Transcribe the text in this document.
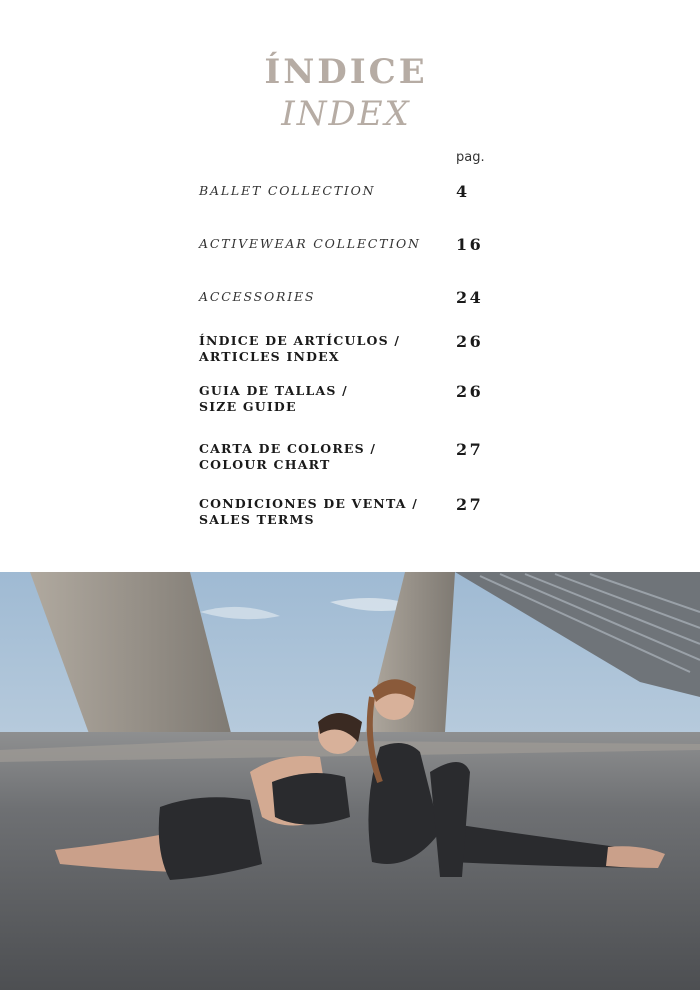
ÍNDICE
INDEX
pag.
BALLET COLLECTION	4
ACTIVEWEAR COLLECTION 16
ACCESSORIES	24
ÍNDICE DE ARTÍCULOS /
ARTICLES INDEX
26
GUIA DE TALLAS /
SIZE GUIDE
26
CARTA DE COLORES /
COLOUR CHART
27
CONDICIONES DE VENTA /
SALES TERMS
27
